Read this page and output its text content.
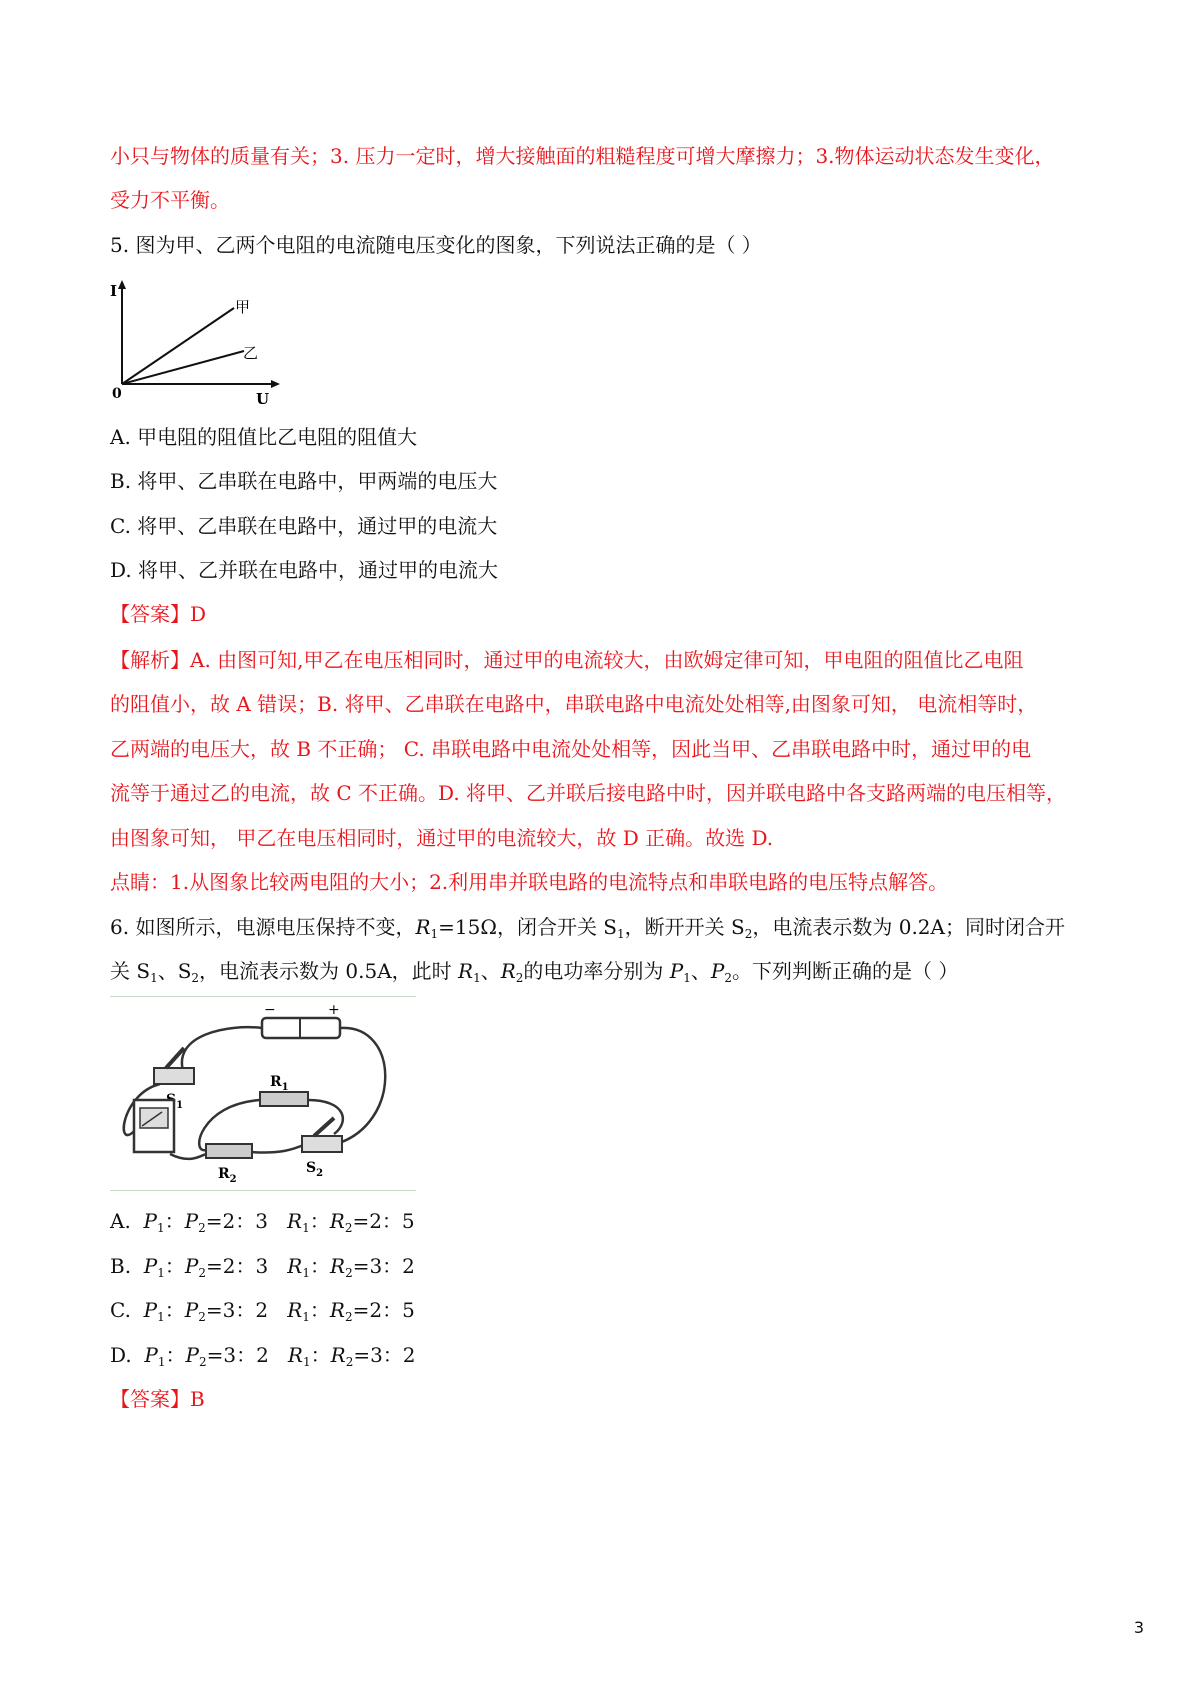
小只与物体的质量有关；3. 压力一定时，增大接触面的粗糙程度可增大摩擦力；3.物体运动状态发生变化，
受力不平衡。
5. 图为甲、乙两个电阻的电流随电压变化的图象，下列说法正确的是（ ）
I
U
0
甲
乙
A. 甲电阻的阻值比乙电阻的阻值大
B. 将甲、乙串联在电路中，甲两端的电压大
C. 将甲、乙串联在电路中，通过甲的电流大
D. 将甲、乙并联在电路中，通过甲的电流大
【答案】D
【解析】A. 由图可知,甲乙在电压相同时，通过甲的电流较大，由欧姆定律可知，甲电阻的阻值比乙电阻
的阻值小，故 A 错误；B. 将甲、乙串联在电路中，串联电路中电流处处相等,由图象可知， 电流相等时，
乙两端的电压大，故 B 不正确； C. 串联电路中电流处处相等，因此当甲、乙串联电路中时，通过甲的电
流等于通过乙的电流，故 C 不正确。D. 将甲、乙并联后接电路中时，因并联电路中各支路两端的电压相等，
由图象可知， 甲乙在电压相同时，通过甲的电流较大，故 D 正确。故选 D.
点睛：1.从图象比较两电阻的大小；2.利用串并联电路的电流特点和串联电路的电压特点解答。
6. 如图所示，电源电压保持不变，$R_1=15\Omega$，闭合开关 $S_1$，断开开关 $S_2$，电流表示数为 0.2A；同时闭合开
关 $S_1$、$S_2$，电流表示数为 0.5A，此时 $R_1$、$R_2$的电功率分别为 $P_1$、$P_2$。下列判断正确的是（ ）
−	+
$_1$
$R_1$
$R_2$
$S_2$
A. $P_1$：$P_2=2$：3 $R_1$：$R_2=2$：5
B. $P_1$：$P_2=2$：3 $R_1$：$R_2=3$：2
C. $P_1$：$P_2=3$：2 $R_1$：$R_2=2$：5
D. $P_1$：$P_2=3$：2 $R_1$：$R_2=3$：2
【答案】B
3
